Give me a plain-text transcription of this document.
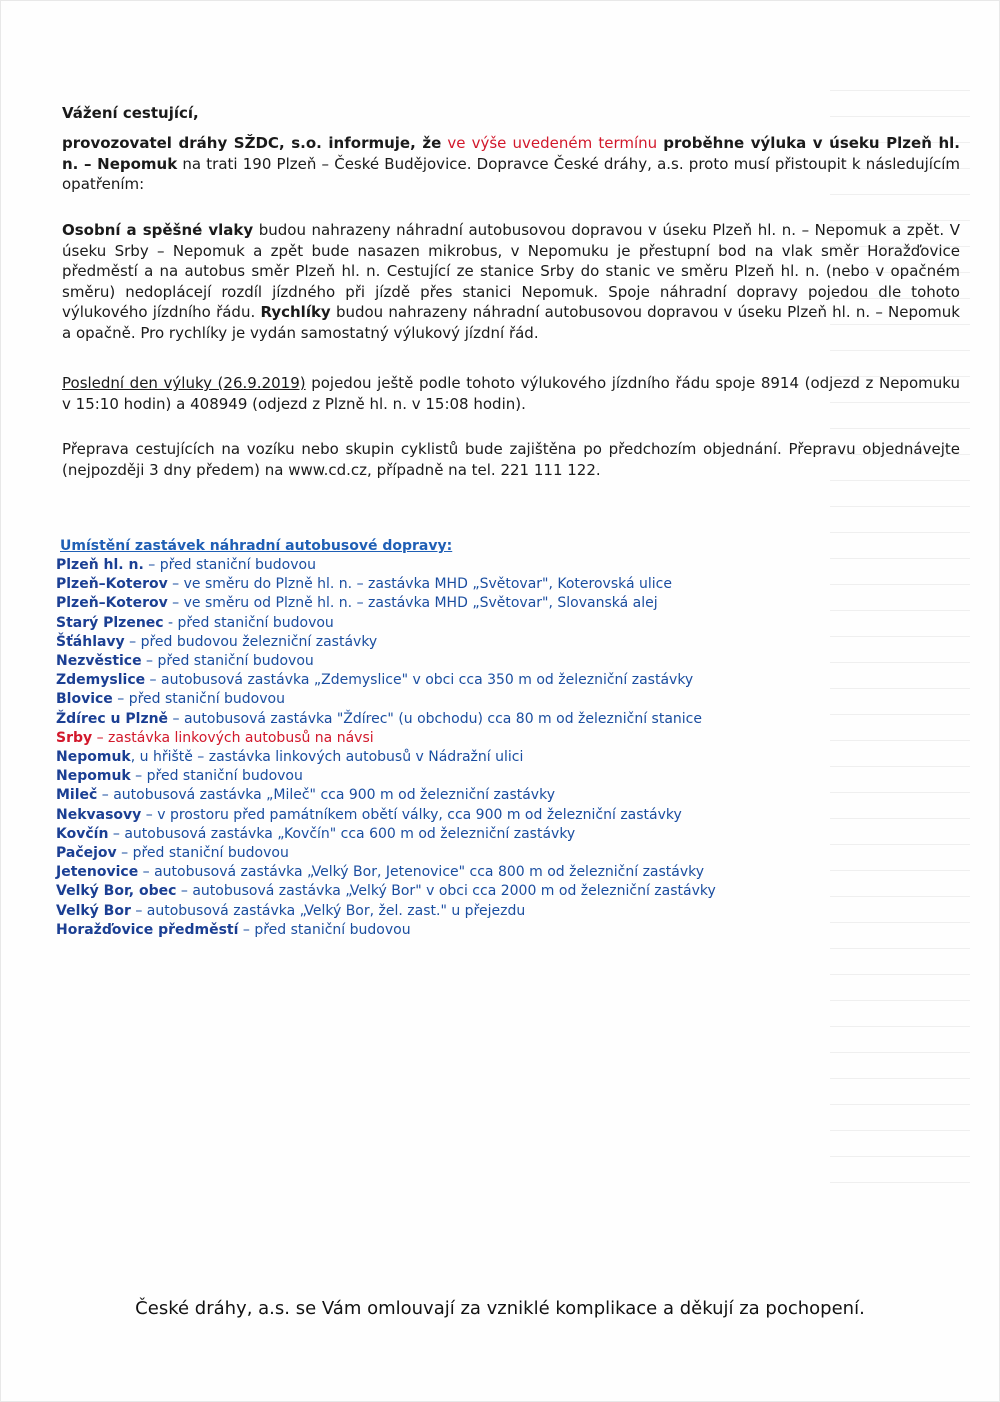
Vážení cestující,
provozovatel dráhy SŽDC, s.o. informuje, že ve výše uvedeném termínu proběhne výluka v úseku Plzeň hl. n. – Nepomuk na trati 190 Plzeň – České Budějovice. Dopravce České dráhy, a.s. proto musí přistoupit k následujícím opatřením:
Osobní a spěšné vlaky budou nahrazeny náhradní autobusovou dopravou v úseku Plzeň hl. n. – Nepomuk a zpět. V úseku Srby – Nepomuk a zpět bude nasazen mikrobus, v Nepomuku je přestupní bod na vlak směr Horažďovice předměstí a na autobus směr Plzeň hl. n. Cestující ze stanice Srby do stanic ve směru Plzeň hl. n. (nebo v opačném směru) nedoplácejí rozdíl jízdného při jízdě přes stanici Nepomuk. Spoje náhradní dopravy pojedou dle tohoto výlukového jízdního řádu. Rychlíky budou nahrazeny náhradní autobusovou dopravou v úseku Plzeň hl. n. – Nepomuk a opačně. Pro rychlíky je vydán samostatný výlukový jízdní řád.
Poslední den výluky (26.9.2019) pojedou ještě podle tohoto výlukového jízdního řádu spoje 8914 (odjezd z Nepomuku v 15:10 hodin) a 408949 (odjezd z Plzně hl. n. v 15:08 hodin).
Přeprava cestujících na vozíku nebo skupin cyklistů bude zajištěna po předchozím objednání. Přepravu objednávejte (nejpozději 3 dny předem) na www.cd.cz, případně na tel. 221 111 122.
Umístění zastávek náhradní autobusové dopravy:
Plzeň hl. n. – před staniční budovou
Plzeň–Koterov – ve směru do Plzně hl. n. – zastávka MHD „Světovar", Koterovská ulice
Plzeň–Koterov – ve směru od Plzně hl. n. – zastávka MHD „Světovar", Slovanská alej
Starý Plzenec - před staniční budovou
Šťáhlavy – před budovou železniční zastávky
Nezvěstice – před staniční budovou
Zdemyslice – autobusová zastávka „Zdemyslice" v obci cca 350 m od železniční zastávky
Blovice – před staniční budovou
Ždírec u Plzně – autobusová zastávka "Ždírec" (u obchodu) cca 80 m od železniční stanice
Srby – zastávka linkových autobusů na návsi
Nepomuk, u hřiště – zastávka linkových autobusů v Nádražní ulici
Nepomuk – před staniční budovou
Mileč – autobusová zastávka „Mileč" cca 900 m od železniční zastávky
Nekvasovy – v prostoru před památníkem obětí války, cca 900 m od železniční zastávky
Kovčín – autobusová zastávka „Kovčín" cca 600 m od železniční zastávky
Pačejov – před staniční budovou
Jetenovice – autobusová zastávka „Velký Bor, Jetenovice" cca 800 m od železniční zastávky
Velký Bor, obec – autobusová zastávka „Velký Bor" v obci cca 2000 m od železniční zastávky
Velký Bor – autobusová zastávka „Velký Bor, žel. zast." u přejezdu
Horažďovice předměstí – před staniční budovou
České dráhy, a.s. se Vám omlouvají za vzniklé komplikace a děkují za pochopení.
